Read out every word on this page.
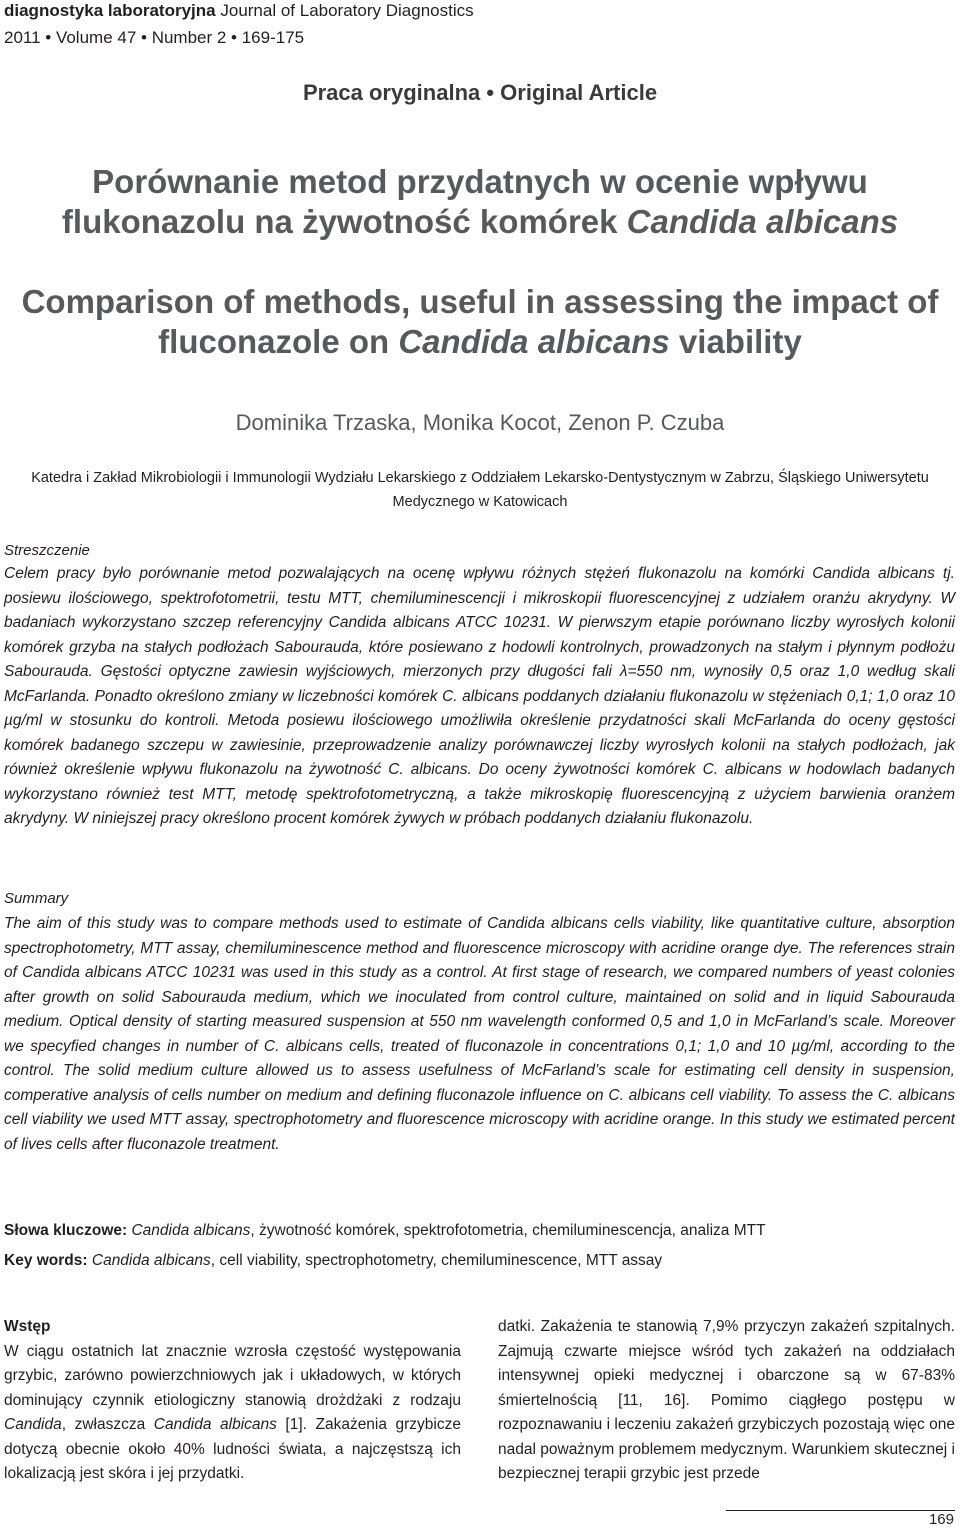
diagnostyka laboratoryjna Journal of Laboratory Diagnostics
2011 • Volume 47 • Number 2 • 169-175
Praca oryginalna • Original Article
Porównanie metod przydatnych w ocenie wpływu
flukonazolu na żywotność komórek Candida albicans
Comparison of methods, useful in assessing the impact of
fluconazole on Candida albicans viability
Dominika Trzaska, Monika Kocot, Zenon P. Czuba
Katedra i Zakład Mikrobiologii i Immunologii Wydziału Lekarskiego z Oddziałem Lekarsko-Dentystycznym w Zabrzu, Śląskiego Uniwersytetu Medycznego w Katowicach
Streszczenie

Celem pracy było porównanie metod pozwalających na ocenę wpływu różnych stężeń flukonazolu na komórki Candida albicans tj. posiewu ilościowego, spektrofotometrii, testu MTT, chemiluminescencji i mikroskopii fluorescencyjnej z udziałem oranżu akrydyny. W badaniach wykorzystano szczep referencyjny Candida albicans ATCC 10231. W pierwszym etapie porównano liczby wyrosłych kolonii komórek grzyba na stałych podłożach Sabourauda, które posiewano z hodowli kontrolnych, prowadzonych na stałym i płynnym podłożu Sabourauda. Gęstości optyczne zawiesin wyjściowych, mierzonych przy długości fali λ=550 nm, wynosiły 0,5 oraz 1,0 według skali McFarlanda. Ponadto określono zmiany w liczebności komórek C. albicans poddanych działaniu flukonazolu w stężeniach 0,1; 1,0 oraz 10 µg/ml w stosunku do kontroli. Metoda posiewu ilościowego umożliwiła określenie przydatności skali McFarlanda do oceny gęstości komórek badanego szczepu w zawiesinie, przeprowadzenie analizy porównawczej liczby wyrosłych kolonii na stałych podłożach, jak również określenie wpływu flukonazolu na żywotność C. albicans. Do oceny żywotności komórek C. albicans w hodowlach badanych wykorzystano również test MTT, metodę spektrofotometryczną, a także mikroskopię fluorescencyjną z użyciem barwienia oranżem akrydyny. W niniejszej pracy określono procent komórek żywych w próbach poddanych działaniu flukonazolu.

Summary

The aim of this study was to compare methods used to estimate of Candida albicans cells viability, like quantitative culture, absorption spectrophotometry, MTT assay, chemiluminescence method and fluorescence microscopy with acridine orange dye. The references strain of Candida albicans ATCC 10231 was used in this study as a control. At first stage of research, we compared numbers of yeast colonies after growth on solid Sabourauda medium, which we inoculated from control culture, maintained on solid and in liquid Sabourauda medium. Optical density of starting measured suspension at 550 nm wavelength conformed 0,5 and 1,0 in McFarland’s scale. Moreover we specyfied changes in number of C. albicans cells, treated of fluconazole in concentrations 0,1; 1,0 and 10 µg/ml, according to the control. The solid medium culture allowed us to assess usefulness of McFarland’s scale for estimating cell density in suspension, comperative analysis of cells number on medium and defining fluconazole influence on C. albicans cell viability. To assess the C. albicans cell viability we used MTT assay, spectrophotometry and fluorescence microscopy with acridine orange. In this study we estimated percent of lives cells after fluconazole treatment.

Słowa kluczowe: Candida albicans, żywotność komórek, spektrofotometria, chemiluminescencja, analiza MTT
Key words: Candida albicans, cell viability, spectrophotometry, chemiluminescence, MTT assay

Wstęp
W ciągu ostatnich lat znacznie wzrosła częstość występowania grzybic, zarówno powierzchniowych jak i układowych, w których dominujący czynnik etiologiczny stanowią drożdżaki z rodzaju Candida, zwłaszcza Candida albicans [1]. Zakażenia grzybicze dotyczą obecnie około 40% ludności świata, a najczęstszą ich lokalizacją jest skóra i jej przydatki.

datki. Zakażenia te stanowią 7,9% przyczyn zakażeń szpitalnych. Zajmują czwarte miejsce wśród tych zakażeń na oddziałach intensywnej opieki medycznej i obarczone są w 67-83% śmiertelnością [11, 16]. Pomimo ciągłego postępu w rozpoznawaniu i leczeniu zakażeń grzybiczych pozostają więc one nadal poważnym problemem medycznym. Warunkiem skutecznej i bezpiecznej terapii grzybic jest przede

169
